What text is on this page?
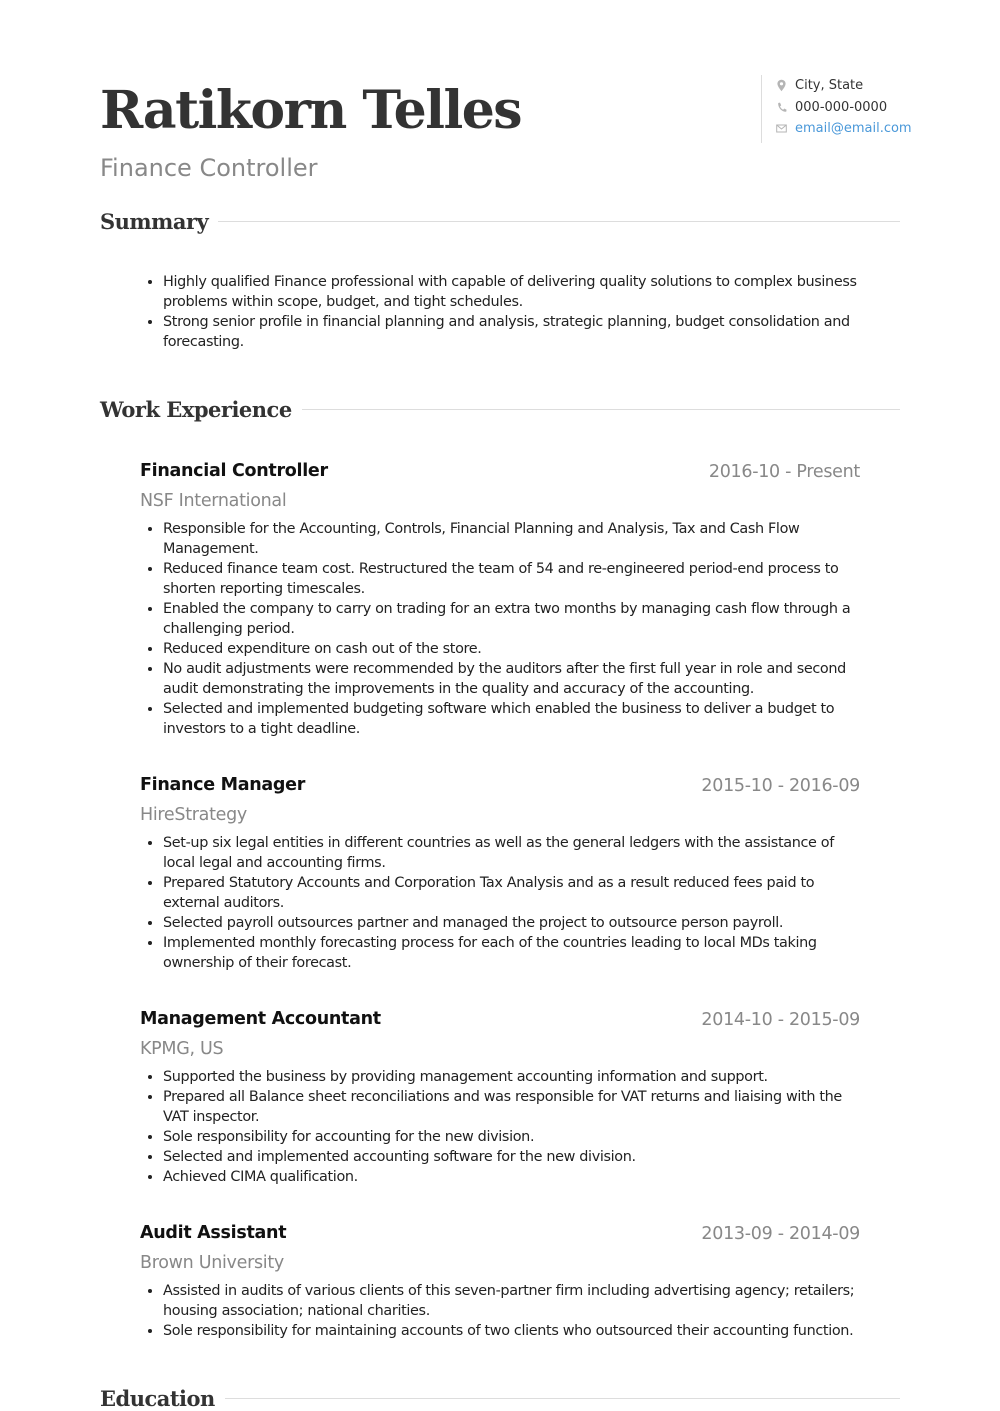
Ratikorn Telles
Finance Controller
City, State
000-000-0000
email@email.com
Summary
• Highly qualified Finance professional with capable of delivering quality solutions to complex business problems within scope, budget, and tight schedules.
• Strong senior profile in financial planning and analysis, strategic planning, budget consolidation and forecasting.
Work Experience
Financial Controller	2016-10 - Present
NSF International
• Responsible for the Accounting, Controls, Financial Planning and Analysis, Tax and Cash Flow Management.
• Reduced finance team cost. Restructured the team of 54 and re-engineered period-end process to shorten reporting timescales.
• Enabled the company to carry on trading for an extra two months by managing cash flow through a challenging period.
• Reduced expenditure on cash out of the store.
• No audit adjustments were recommended by the auditors after the first full year in role and second audit demonstrating the improvements in the quality and accuracy of the accounting.
• Selected and implemented budgeting software which enabled the business to deliver a budget to investors to a tight deadline.
Finance Manager	2015-10 - 2016-09
HireStrategy
• Set-up six legal entities in different countries as well as the general ledgers with the assistance of local legal and accounting firms.
• Prepared Statutory Accounts and Corporation Tax Analysis and as a result reduced fees paid to external auditors.
• Selected payroll outsources partner and managed the project to outsource person payroll.
• Implemented monthly forecasting process for each of the countries leading to local MDs taking ownership of their forecast.
Management Accountant	2014-10 - 2015-09
KPMG, US
• Supported the business by providing management accounting information and support.
• Prepared all Balance sheet reconciliations and was responsible for VAT returns and liaising with the VAT inspector.
• Sole responsibility for accounting for the new division.
• Selected and implemented accounting software for the new division.
• Achieved CIMA qualification.
Audit Assistant	2013-09 - 2014-09
Brown University
• Assisted in audits of various clients of this seven-partner firm including advertising agency; retailers; housing association; national charities.
• Sole responsibility for maintaining accounts of two clients who outsourced their accounting function.
Education
